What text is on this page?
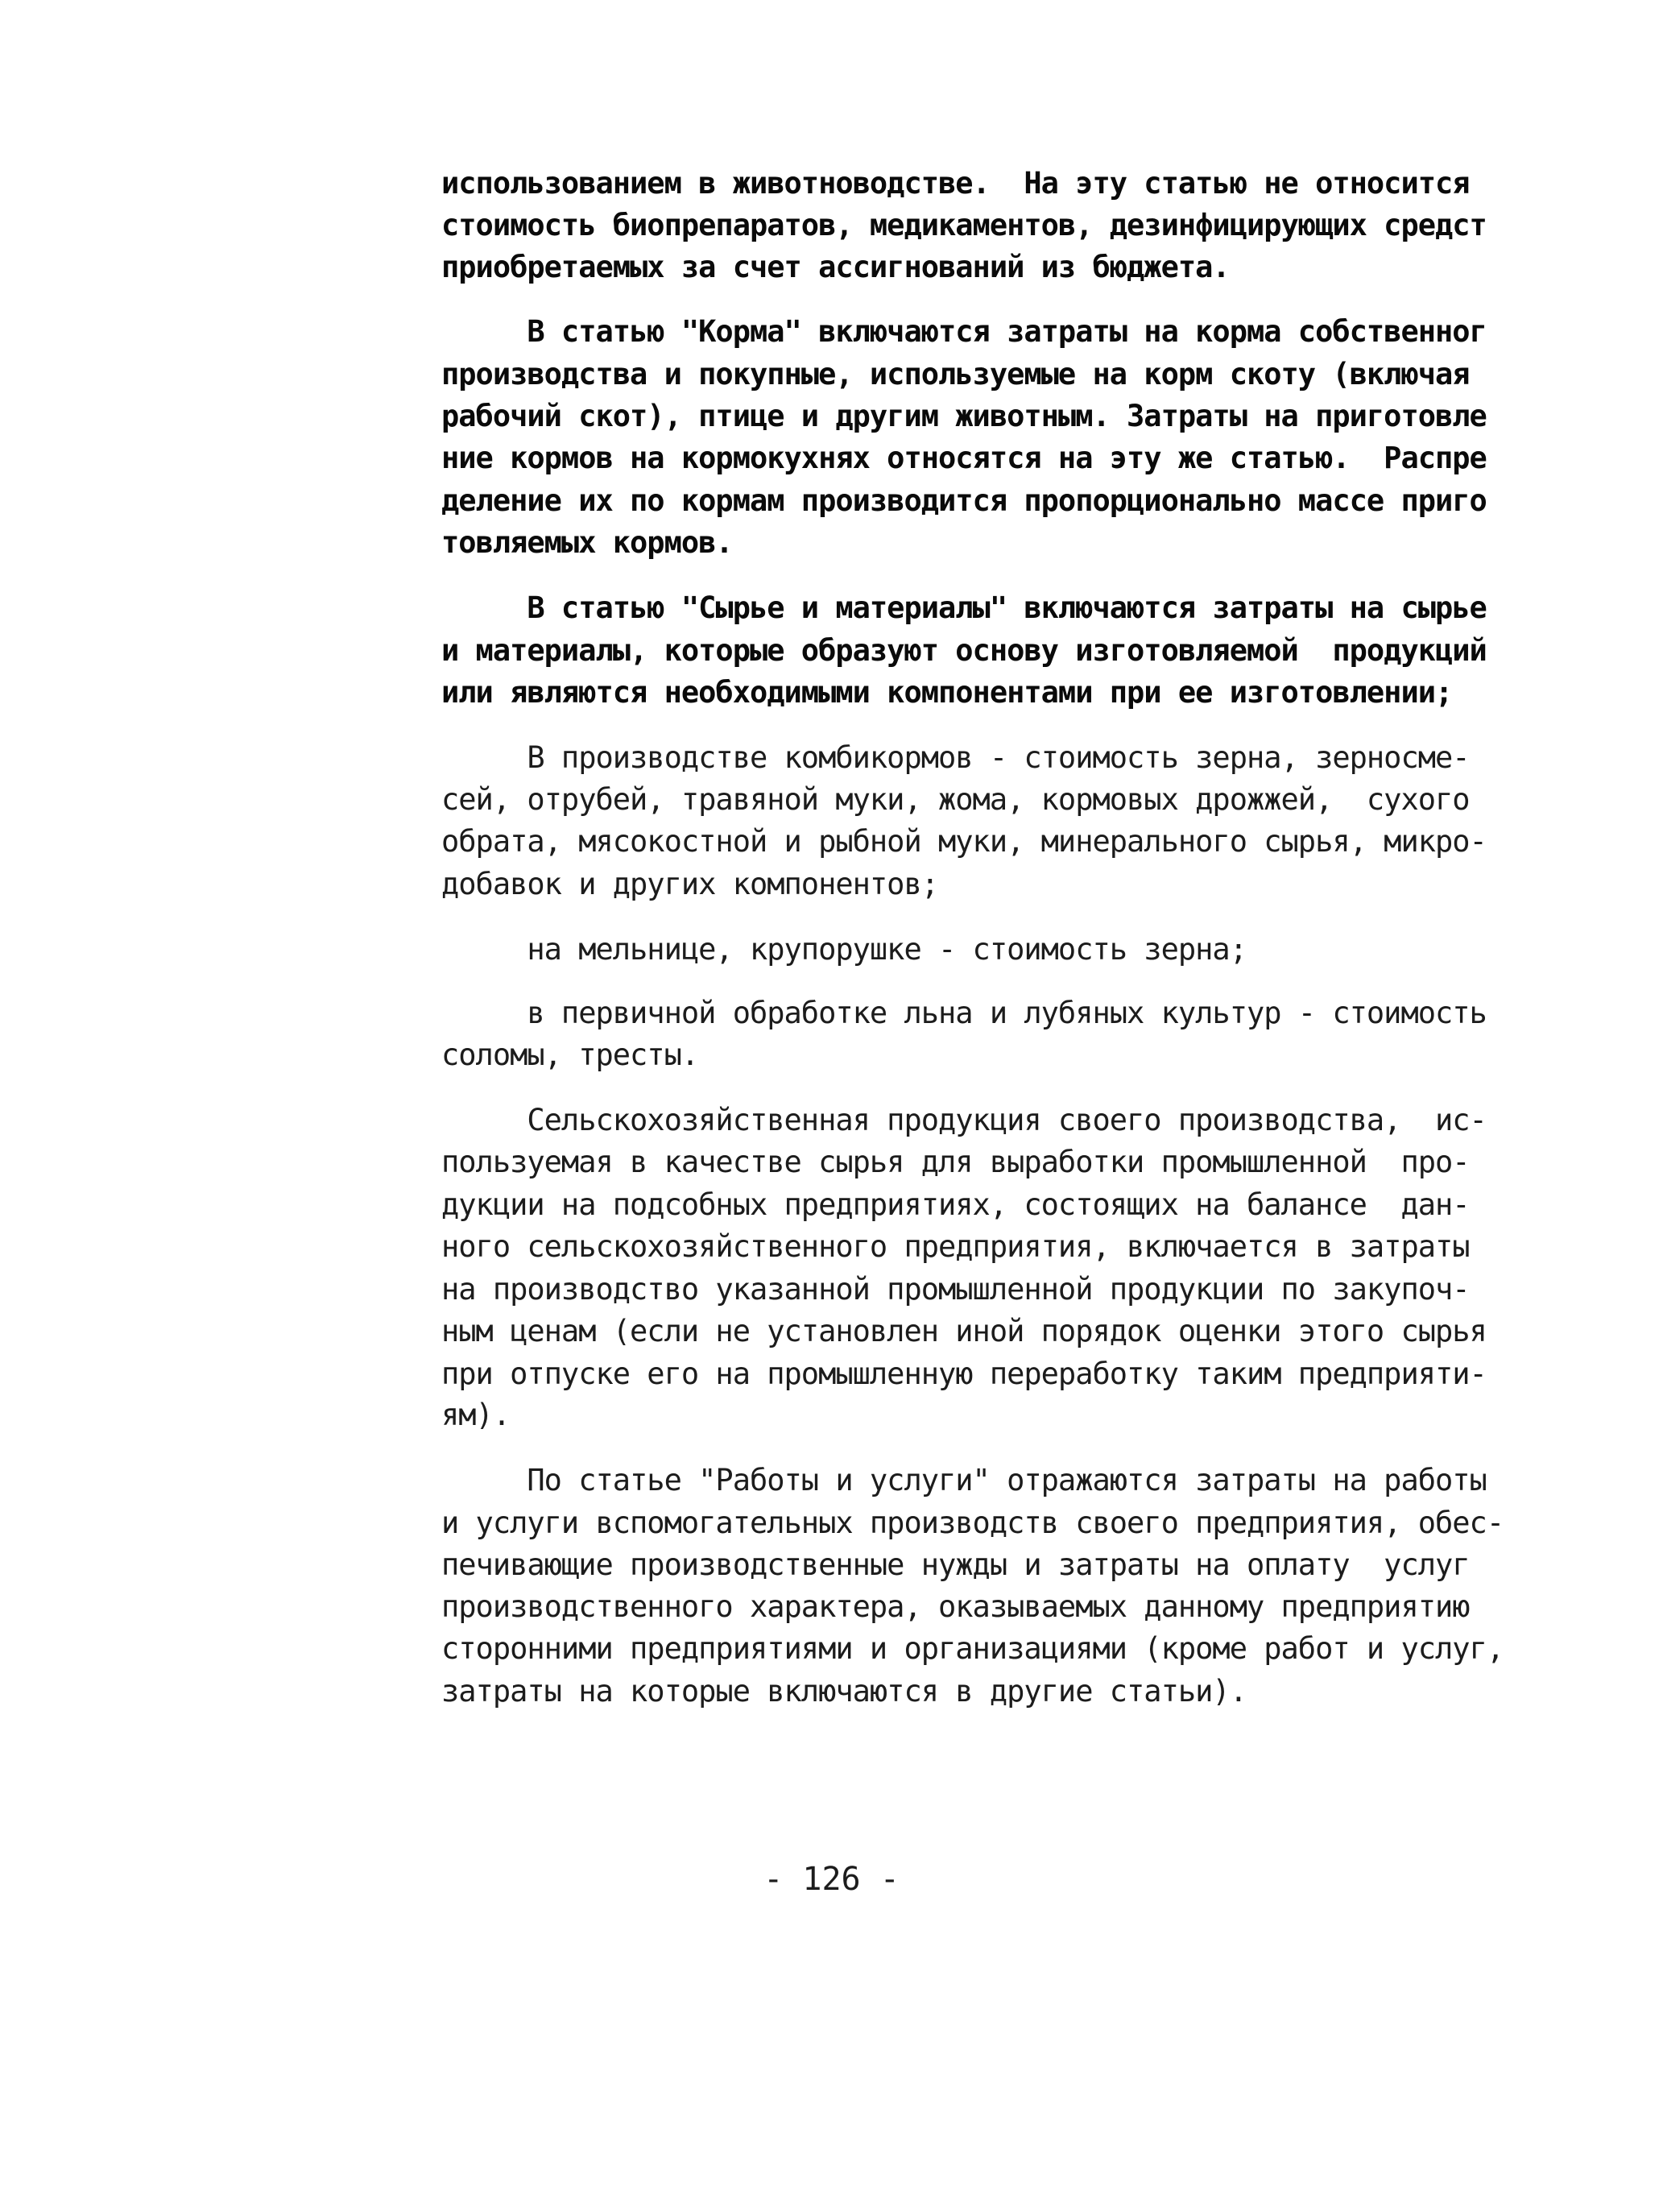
использованием в животноводстве.  На эту статью не относится

стоимость биопрепаратов, медикаментов, дезинфицирующих средст

приобретаемых за счет ассигнований из бюджета.

В статью "Корма" включаются затраты на корма собственног

производства и покупные, используемые на корм скоту (включая

рабочий скот), птице и другим животным. Затраты на приготовле

ние кормов на кормокухнях относятся на эту же статью.  Распре

деление их по кормам производится пропорционально массе приго

товляемых кормов.

В статью "Сырье и материалы" включаются затраты на сырье

и материалы, которые образуют основу изготовляемой  продукций

или являются необходимыми компонентами при ее изготовлении;

В производстве комбикормов - стоимость зерна, зерносме-

сей, отрубей, травяной муки, жома, кормовых дрожжей,  сухого

обрата, мясокостной и рыбной муки, минерального сырья, микро-

добавок и других компонентов;

на мельнице, крупорушке - стоимость зерна;

в первичной обработке льна и лубяных культур - стоимость

соломы, тресты.

Сельскохозяйственная продукция своего производства,  ис-

пользуемая в качестве сырья для выработки промышленной  про-

дукции на подсобных предприятиях, состоящих на балансе  дан-

ного сельскохозяйственного предприятия, включается в затраты

на производство указанной промышленной продукции по закупоч-

ным ценам (если не установлен иной порядок оценки этого сырья

при отпуске его на промышленную переработку таким предприяти-

ям).

По статье "Работы и услуги" отражаются затраты на работы

и услуги вспомогательных производств своего предприятия, обес-

печивающие производственные нужды и затраты на оплату  услуг

производственного характера, оказываемых данному предприятию

сторонними предприятиями и организациями (кроме работ и услуг,

затраты на которые включаются в другие статьи).

- 126 -
